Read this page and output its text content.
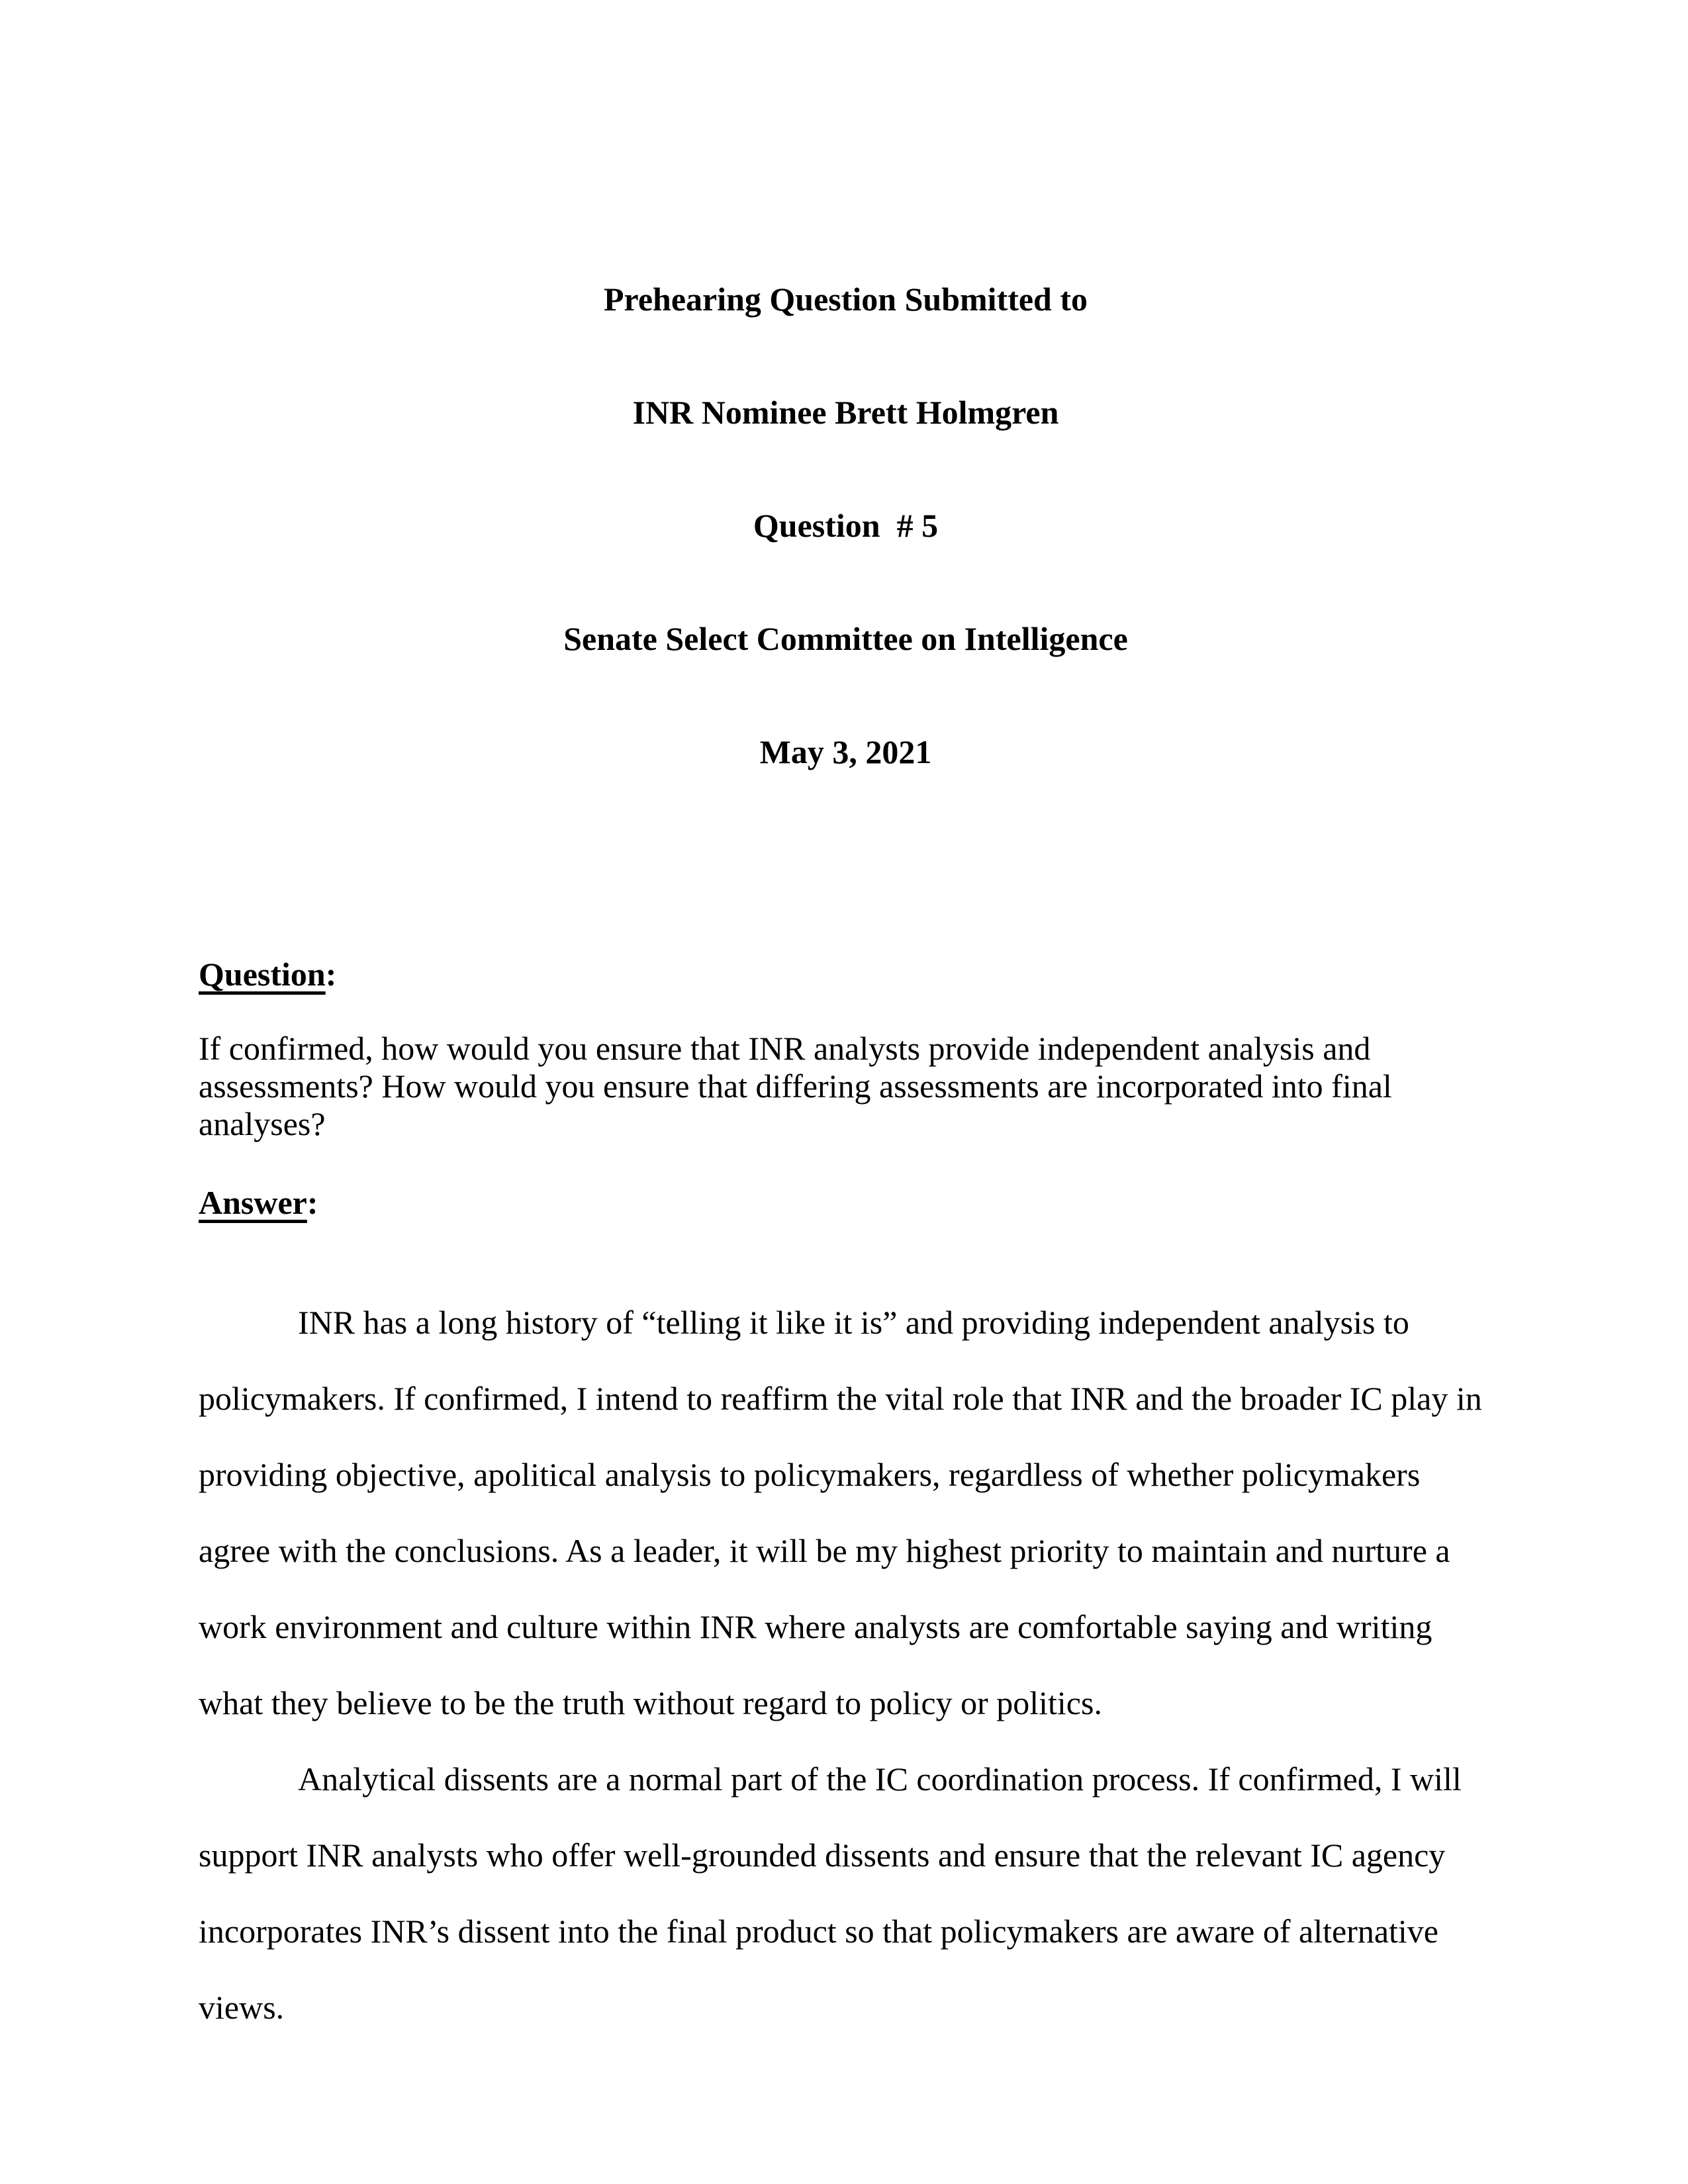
Prehearing Question Submitted to

INR Nominee Brett Holmgren

Question  # 5

Senate Select Committee on Intelligence

May 3, 2021

Question:

If confirmed, how would you ensure that INR analysts provide independent analysis and assessments? How would you ensure that differing assessments are incorporated into final analyses?

Answer:

INR has a long history of “telling it like it is” and providing independent analysis to policymakers. If confirmed, I intend to reaffirm the vital role that INR and the broader IC play in providing objective, apolitical analysis to policymakers, regardless of whether policymakers agree with the conclusions. As a leader, it will be my highest priority to maintain and nurture a work environment and culture within INR where analysts are comfortable saying and writing what they believe to be the truth without regard to policy or politics.

Analytical dissents are a normal part of the IC coordination process. If confirmed, I will support INR analysts who offer well-grounded dissents and ensure that the relevant IC agency incorporates INR’s dissent into the final product so that policymakers are aware of alternative views.
